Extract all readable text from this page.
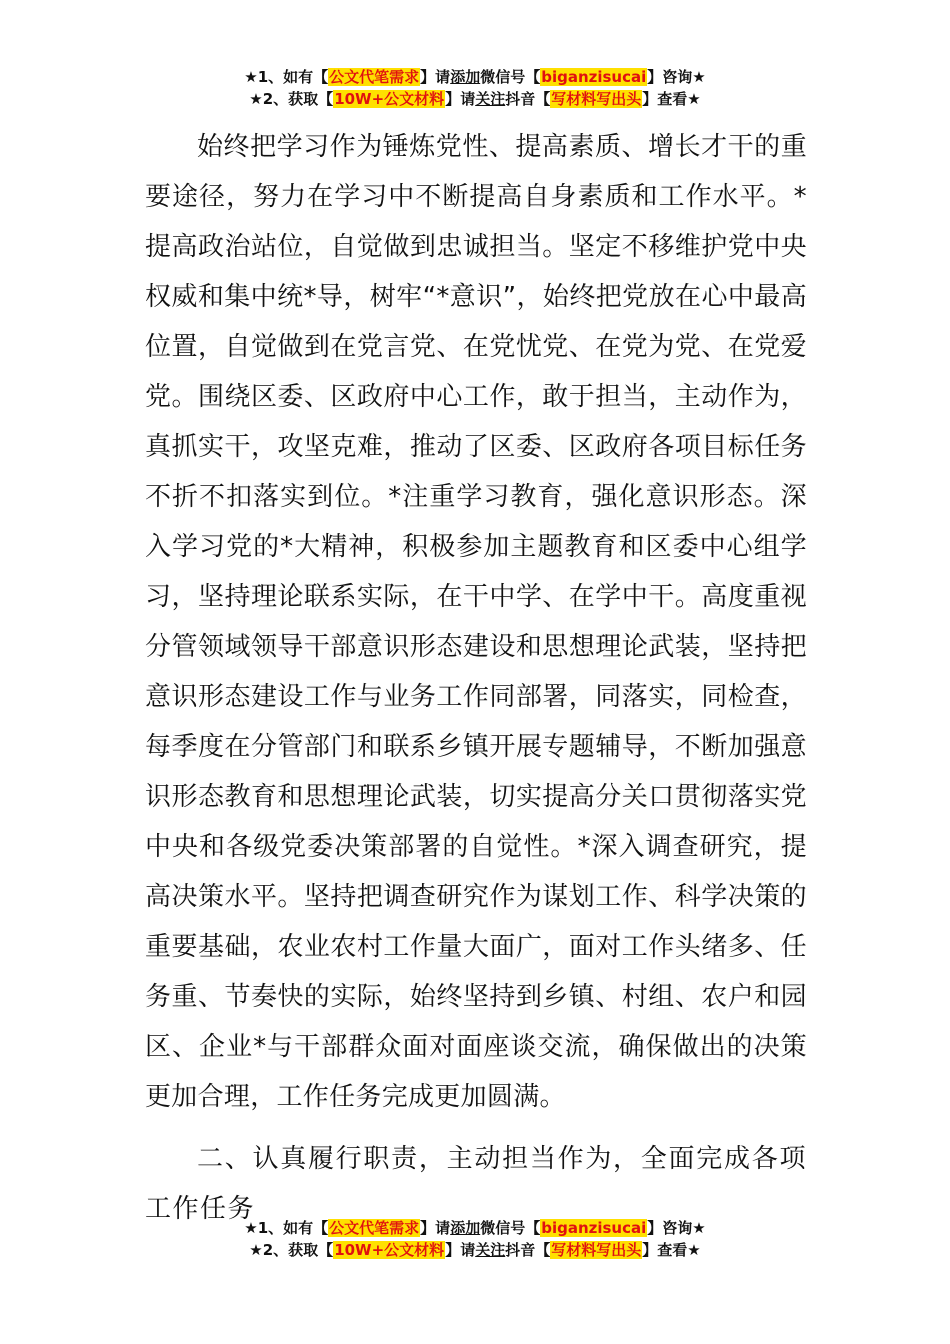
★1、如有【公文代笔需求】请添加微信号【biganzisucai】咨询★
★2、获取【10W+公文材料】请关注抖音【写材料写出头】查看★

始终把学习作为锤炼党性、提高素质、增长才干的重要途径，努力在学习中不断提高自身素质和工作水平。*提高政治站位，自觉做到忠诚担当。坚定不移维护党中央权威和集中统*导，树牢“*意识”，始终把党放在心中最高位置，自觉做到在党言党、在党忧党、在党为党、在党爱党。围绕区委、区政府中心工作，敢于担当，主动作为，真抓实干，攻坚克难，推动了区委、区政府各项目标任务不折不扣落实到位。*注重学习教育，强化意识形态。深入学习党的*大精神，积极参加主题教育和区委中心组学习，坚持理论联系实际，在干中学、在学中干。高度重视分管领域领导干部意识形态建设和思想理论武装，坚持把意识形态建设工作与业务工作同部署，同落实，同检查，每季度在分管部门和联系乡镇开展专题辅导，不断加强意识形态教育和思想理论武装，切实提高分关口贯彻落实党中央和各级党委决策部署的自觉性。*深入调查研究，提高决策水平。坚持把调查研究作为谋划工作、科学决策的重要基础，农业农村工作量大面广，面对工作头绪多、任务重、节奏快的实际，始终坚持到乡镇、村组、农户和园区、企业*与干部群众面对面座谈交流，确保做出的决策更加合理，工作任务完成更加圆满。

二、认真履行职责，主动担当作为，全面完成各项工作任务

★1、如有【公文代笔需求】请添加微信号【biganzisucai】咨询★
★2、获取【10W+公文材料】请关注抖音【写材料写出头】查看★
